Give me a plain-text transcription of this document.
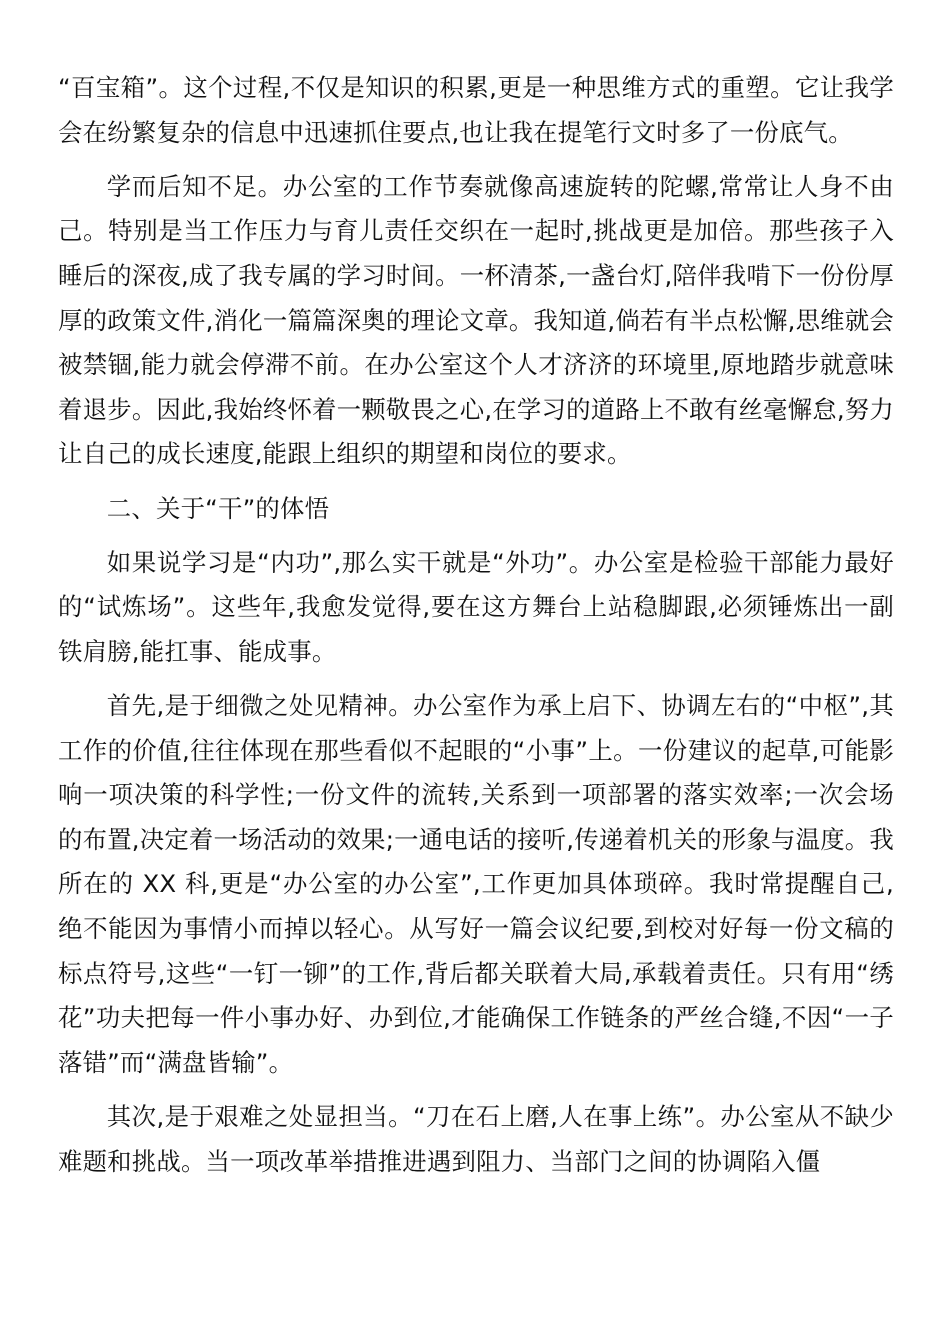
“百宝箱”。这个过程,不仅是知识的积累,更是一种思维方式的重塑。它让我学会在纷繁复杂的信息中迅速抓住要点,也让我在提笔行文时多了一份底气。

学而后知不足。办公室的工作节奏就像高速旋转的陀螺,常常让人身不由己。特别是当工作压力与育儿责任交织在一起时,挑战更是加倍。那些孩子入睡后的深夜,成了我专属的学习时间。一杯清茶,一盏台灯,陪伴我啃下一份份厚厚的政策文件,消化一篇篇深奥的理论文章。我知道,倘若有半点松懈,思维就会被禁锢,能力就会停滞不前。在办公室这个人才济济的环境里,原地踏步就意味着退步。因此,我始终怀着一颗敬畏之心,在学习的道路上不敢有丝毫懈怠,努力让自己的成长速度,能跟上组织的期望和岗位的要求。

二、关于“干”的体悟

如果说学习是“内功”,那么实干就是“外功”。办公室是检验干部能力最好的“试炼场”。这些年,我愈发觉得,要在这方舞台上站稳脚跟,必须锤炼出一副铁肩膀,能扛事、能成事。

首先,是于细微之处见精神。办公室作为承上启下、协调左右的“中枢”,其工作的价值,往往体现在那些看似不起眼的“小事”上。一份建议的起草,可能影响一项决策的科学性;一份文件的流转,关系到一项部署的落实效率;一次会场的布置,决定着一场活动的效果;一通电话的接听,传递着机关的形象与温度。我所在的 XX 科,更是“办公室的办公室”,工作更加具体琐碎。我时常提醒自己,绝不能因为事情小而掉以轻心。从写好一篇会议纪要,到校对好每一份文稿的标点符号,这些“一钉一铆”的工作,背后都关联着大局,承载着责任。只有用“绣花”功夫把每一件小事办好、办到位,才能确保工作链条的严丝合缝,不因“一子落错”而“满盘皆输”。

其次,是于艰难之处显担当。“刀在石上磨,人在事上练”。办公室从不缺少难题和挑战。当一项改革举措推进遇到阻力、当部门之间的协调陷入僵
